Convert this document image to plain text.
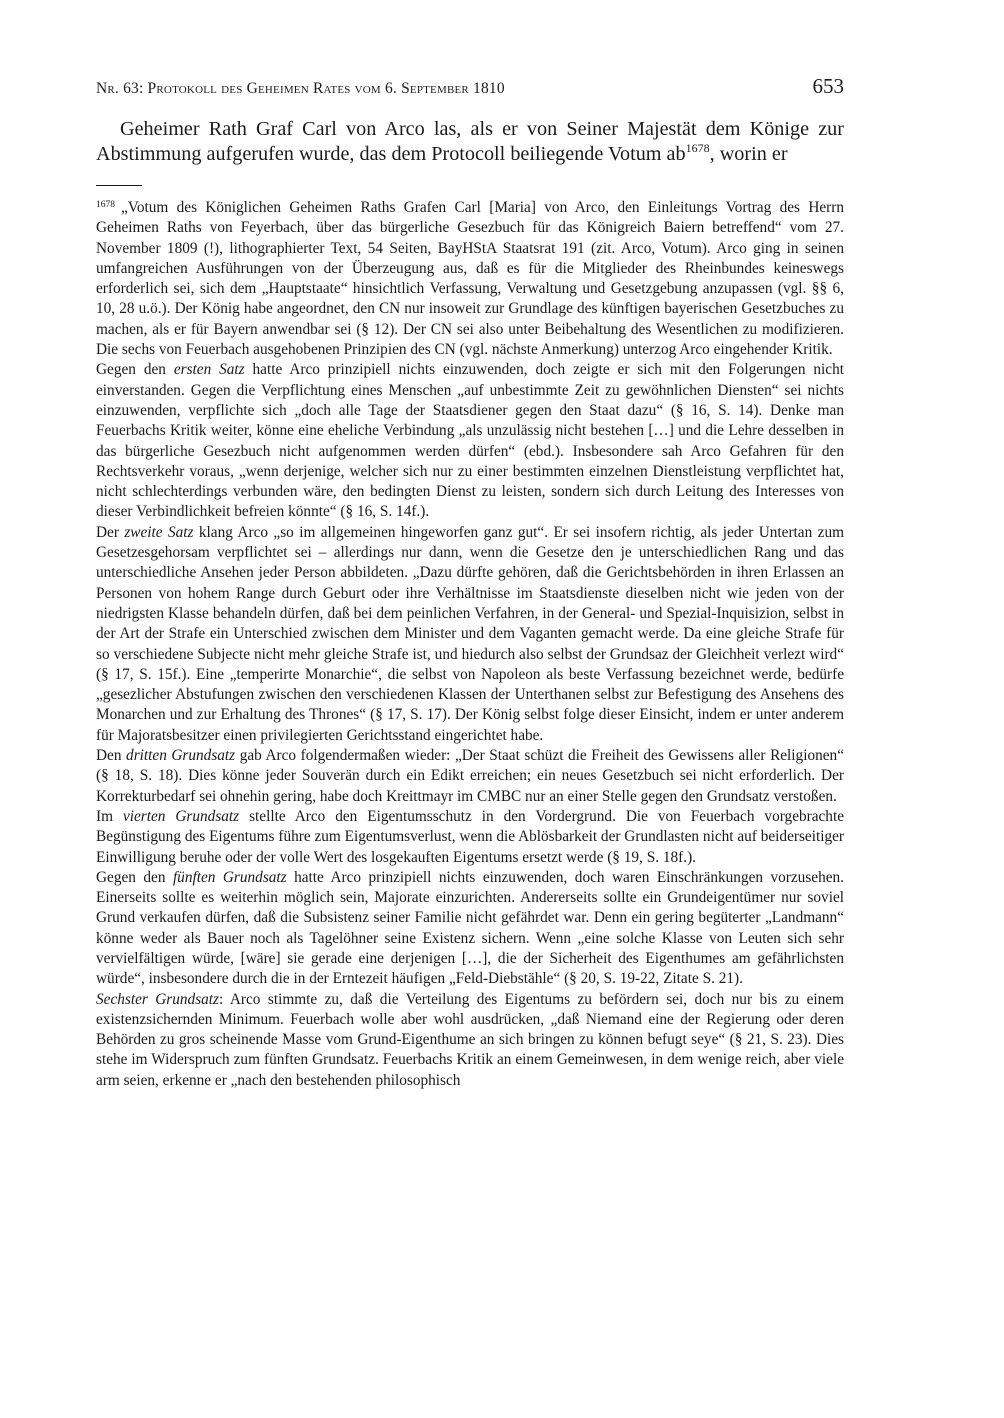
Nr. 63: Protokoll des Geheimen Rates vom 6. September 1810	653

Geheimer Rath Graf Carl von Arco las, als er von Seiner Majestät dem Könige zur Abstimmung aufgerufen wurde, das dem Protocoll beiliegende Votum $ab^{1678}$, worin er

$^{1678}$ „Votum des Königlichen Geheimen Raths Grafen Carl [Maria] von Arco, den Einleitungs Vortrag des Herrn Geheimen Raths von Feyerbach, über das bürgerliche Gesezbuch für das Königreich Baiern betreffend“ vom 27. November 1809 (!), lithographierter Text, 54 Seiten, BayHStA Staatsrat 191 (zit. Arco, Votum). Arco ging in seinen umfangreichen Ausführungen von der Überzeugung aus, daß es für die Mitglieder des Rheinbundes keineswegs erforderlich sei, sich dem „Hauptstaate“ hinsichtlich Verfassung, Verwaltung und Gesetzgebung anzupassen (vgl. §§ 6, 10, 28 u.ö.). Der König habe angeordnet, den CN nur insoweit zur Grundlage des künftigen bayerischen Gesetzbuches zu machen, als er für Bayern anwendbar sei (§ 12). Der CN sei also unter Beibehaltung des Wesentlichen zu modifizieren. Die sechs von Feuerbach ausgehobenen Prinzipien des CN (vgl. nächste Anmerkung) unterzog Arco eingehender Kritik.

Gegen den ersten Satz hatte Arco prinzipiell nichts einzuwenden, doch zeigte er sich mit den Folgerungen nicht einverstanden. Gegen die Verpflichtung eines Menschen „auf unbestimmte Zeit zu gewöhnlichen Diensten“ sei nichts einzuwenden, verpflichte sich „doch alle Tage der Staatsdiener gegen den Staat dazu“ (§ 16, S. 14). Denke man Feuerbachs Kritik weiter, könne eine eheliche Verbindung „als unzulässig nicht bestehen […] und die Lehre desselben in das bürgerliche Gesezbuch nicht aufgenommen werden dürfen“ (ebd.). Insbesondere sah Arco Gefahren für den Rechtsverkehr voraus, „wenn derjenige, welcher sich nur zu einer bestimmten einzelnen Dienstleistung verpflichtet hat, nicht schlechterdings verbunden wäre, den bedingten Dienst zu leisten, sondern sich durch Leitung des Interesses von dieser Verbindlichkeit befreien könnte“ (§ 16, S. 14f.).

Der zweite Satz klang Arco „so im allgemeinen hingeworfen ganz gut“. Er sei insofern richtig, als jeder Untertan zum Gesetzesgehorsam verpflichtet sei – allerdings nur dann, wenn die Gesetze den je unterschiedlichen Rang und das unterschiedliche Ansehen jeder Person abbildeten. „Dazu dürfte gehören, daß die Gerichtsbehörden in ihren Erlassen an Personen von hohem Range durch Geburt oder ihre Verhältnisse im Staatsdienste dieselben nicht wie jeden von der niedrigsten Klasse behandeln dürfen, daß bei dem peinlichen Verfahren, in der General- und Spezial-Inquisizion, selbst in der Art der Strafe ein Unterschied zwischen dem Minister und dem Vaganten gemacht werde. Da eine gleiche Strafe für so verschiedene Subjecte nicht mehr gleiche Strafe ist, und hiedurch also selbst der Grundsaz der Gleichheit verlezt wird“ (§ 17, S. 15f.). Eine „temperirte Monarchie“, die selbst von Napoleon als beste Verfassung bezeichnet werde, bedürfe „gesezlicher Abstufungen zwischen den verschiedenen Klassen der Unterthanen selbst zur Befestigung des Ansehens des Monarchen und zur Erhaltung des Thrones“ (§ 17, S. 17). Der König selbst folge dieser Einsicht, indem er unter anderem für Majoratsbesitzer einen privilegierten Gerichtsstand eingerichtet habe.

Den dritten Grundsatz gab Arco folgendermaßen wieder: „Der Staat schüzt die Freiheit des Gewissens aller Religionen“ (§ 18, S. 18). Dies könne jeder Souverän durch ein Edikt erreichen; ein neues Gesetzbuch sei nicht erforderlich. Der Korrekturbedarf sei ohnehin gering, habe doch Kreittmayr im CMBC nur an einer Stelle gegen den Grundsatz verstoßen.

Im vierten Grundsatz stellte Arco den Eigentumsschutz in den Vordergrund. Die von Feuerbach vorgebrachte Begünstigung des Eigentums führe zum Eigentumsverlust, wenn die Ablösbarkeit der Grundlasten nicht auf beiderseitiger Einwilligung beruhe oder der volle Wert des losgekauften Eigentums ersetzt werde (§ 19, S. 18f.).

Gegen den fünften Grundsatz hatte Arco prinzipiell nichts einzuwenden, doch waren Einschränkungen vorzusehen. Einerseits sollte es weiterhin möglich sein, Majorate einzurichten. Andererseits sollte ein Grundeigentümer nur soviel Grund verkaufen dürfen, daß die Subsistenz seiner Familie nicht gefährdet war. Denn ein gering begüterter „Landmann“ könne weder als Bauer noch als Tagelöhner seine Existenz sichern. Wenn „eine solche Klasse von Leuten sich sehr vervielfältigen würde, [wäre] sie gerade eine derjenigen […], die der Sicherheit des Eigenthumes am gefährlichsten würde“, insbesondere durch die in der Erntezeit häufigen „Feld-Diebstähle“ (§ 20, S. 19-22, Zitate S. 21).

Sechster Grundsatz: Arco stimmte zu, daß die Verteilung des Eigentums zu befördern sei, doch nur bis zu einem existenzsichernden Minimum. Feuerbach wolle aber wohl ausdrücken, „daß Niemand eine der Regierung oder deren Behörden zu gros scheinende Masse vom Grund-Eigenthume an sich bringen zu können befugt seye“ (§ 21, S. 23). Dies stehe im Widerspruch zum fünften Grundsatz. Feuerbachs Kritik an einem Gemeinwesen, in dem wenige reich, aber viele arm seien, erkenne er „nach den bestehenden philosophisch
